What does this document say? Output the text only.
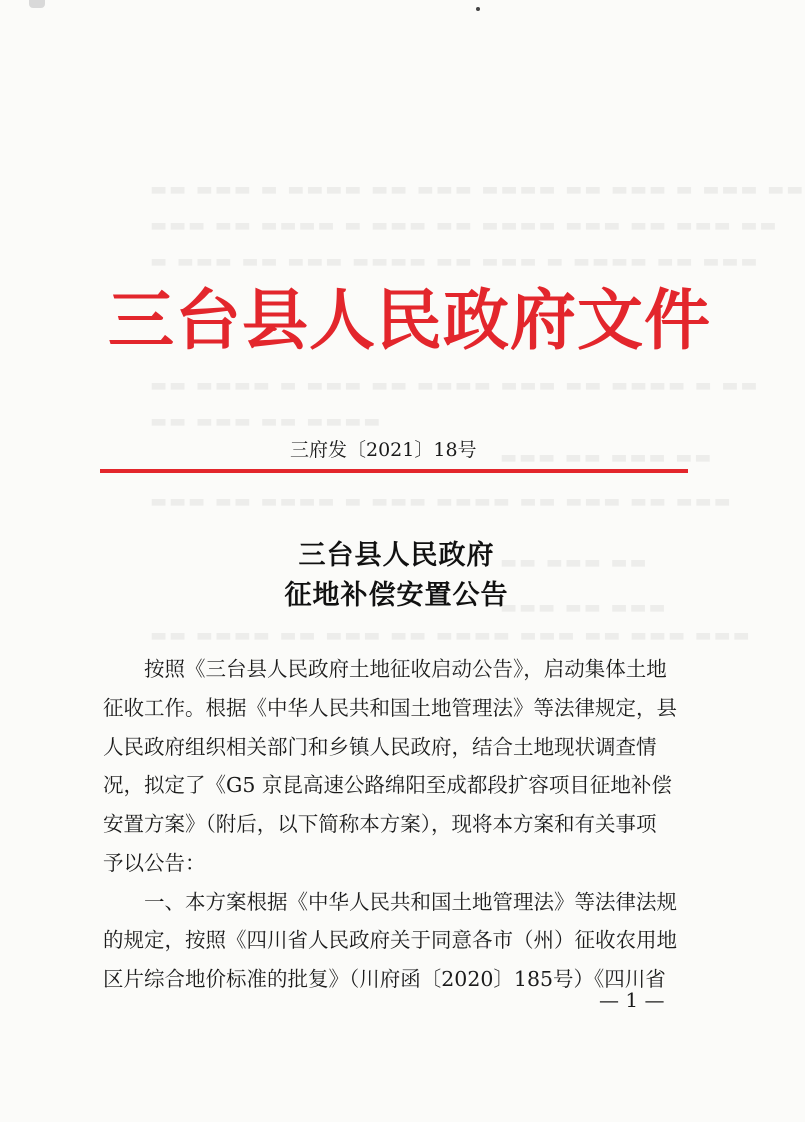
▬▬ ▬▬▬ ▬ ▬▬▬▬ ▬▬ ▬▬▬ ▬▬▬▬ ▬▬ ▬▬▬ ▬ ▬▬▬ ▬▬
▬▬▬ ▬▬ ▬▬▬▬ ▬ ▬▬▬ ▬▬ ▬▬▬▬ ▬▬▬ ▬▬ ▬▬▬ ▬▬
▬ ▬▬▬ ▬▬ ▬▬▬ ▬▬▬▬ ▬▬ ▬▬▬ ▬ ▬▬▬▬ ▬▬ ▬▬▬
▬▬ ▬▬▬▬ ▬ ▬▬▬ ▬▬ ▬▬▬▬ ▬▬▬ ▬▬ ▬▬▬▬ ▬ ▬▬
▬▬ ▬▬▬ ▬▬ ▬▬▬▬
▬▬▬ ▬▬ ▬▬▬ ▬▬
▬▬▬ ▬▬ ▬▬▬▬ ▬ ▬▬▬ ▬▬▬▬ ▬▬ ▬▬▬ ▬▬ ▬▬▬
▬▬ ▬▬▬ ▬▬
▬▬▬ ▬▬ ▬▬▬
▬▬ ▬▬▬▬ ▬▬ ▬▬▬ ▬▬ ▬▬▬▬ ▬▬▬ ▬▬ ▬▬▬ ▬▬▬
三台县人民政府文件
三府发〔2021〕18号
三台县人民政府
征地补偿安置公告
按照《三台县人民政府土地征收启动公告》，启动集体土地
征收工作。根据《中华人民共和国土地管理法》等法律规定，县
人民政府组织相关部门和乡镇人民政府，结合土地现状调查情
况，拟定了《G5 京昆高速公路绵阳至成都段扩容项目征地补偿
安置方案》（附后，以下简称本方案），现将本方案和有关事项
予以公告：
一、本方案根据《中华人民共和国土地管理法》等法律法规
的规定，按照《四川省人民政府关于同意各市（州）征收农用地
区片综合地价标准的批复》（川府函〔2020〕185号）《四川省
— 1 —
